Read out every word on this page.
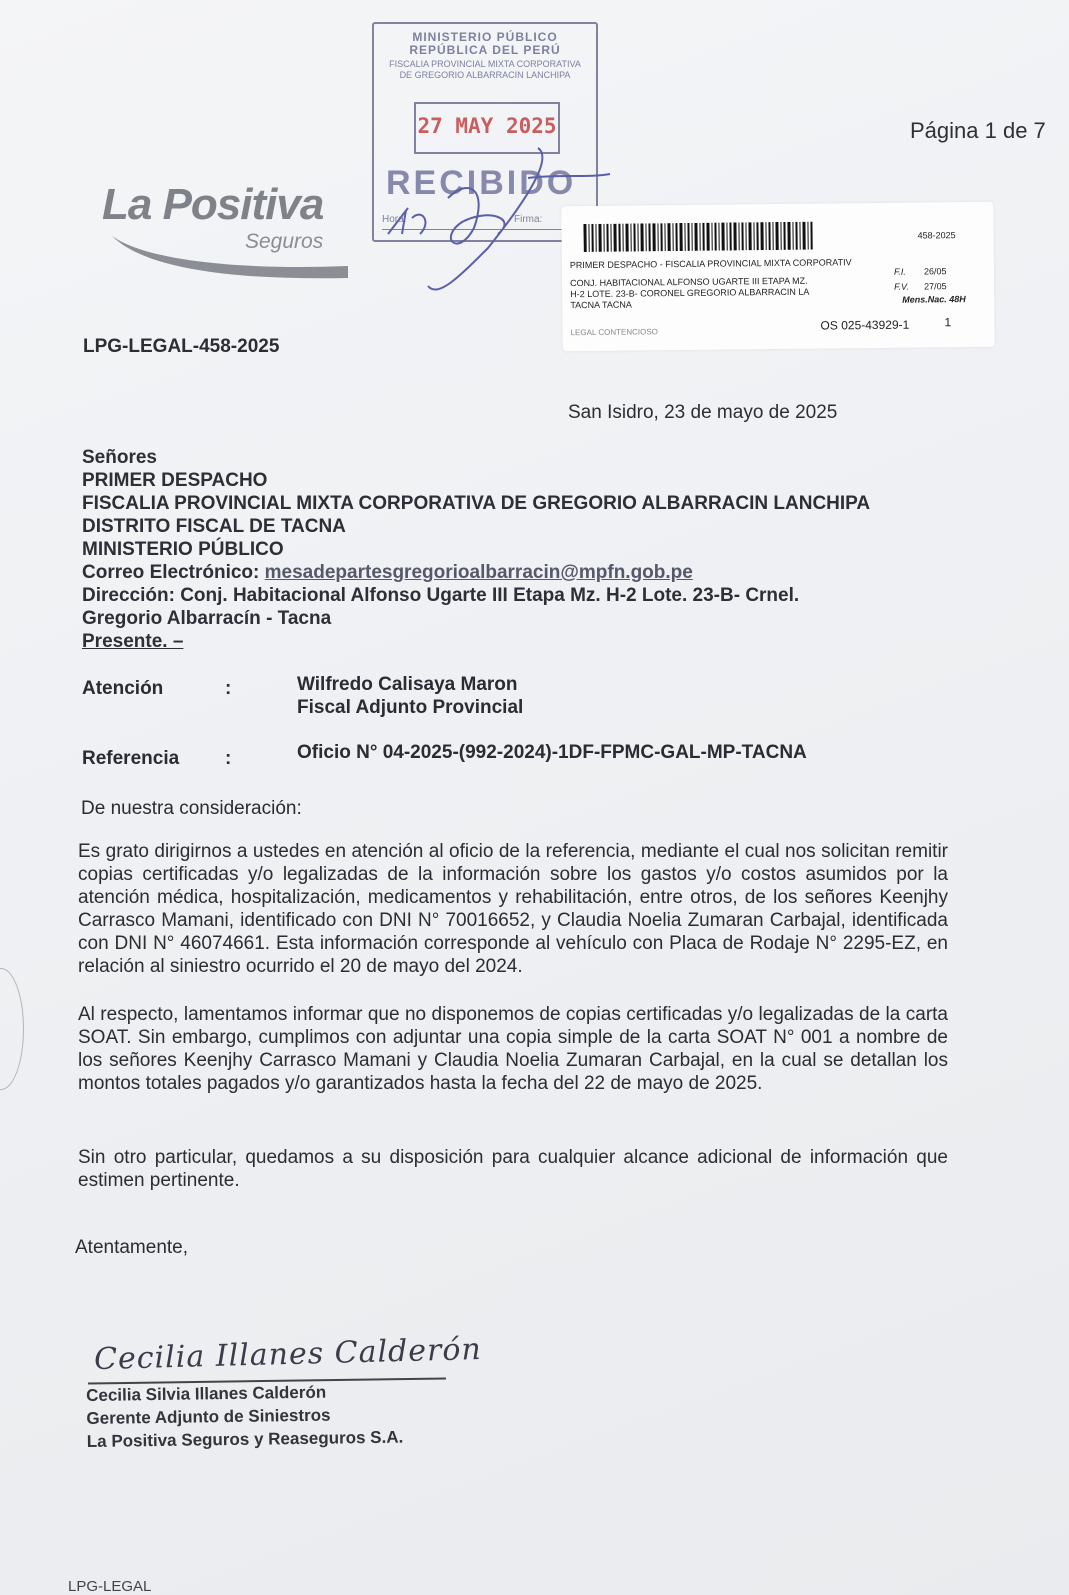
La Positiva
Seguros
MINISTERIO PÚBLICO
REPÚBLICA DEL PERÚ
FISCALIA PROVINCIAL MIXTA CORPORATIVA
DE GREGORIO ALBARRACIN LANCHIPA
27 MAY 2025
RECIBIDO
Hora:	Firma:
Página 1 de 7
458-2025
PRIMER DESPACHO - FISCALIA PROVINCIAL MIXTA CORPORATIV
CONJ. HABITACIONAL ALFONSO UGARTE III ETAPA MZ.
H-2 LOTE. 23-B- CORONEL GREGORIO ALBARRACIN LA
TACNA TACNA
F.I. 26/05
F.V. 27/05
Mens.Nac. 48H
LEGAL CONTENCIOSO	OS 025-43929-1	1
LPG-LEGAL-458-2025
San Isidro, 23 de mayo de 2025
Señores
PRIMER DESPACHO
FISCALIA PROVINCIAL MIXTA CORPORATIVA DE GREGORIO ALBARRACIN LANCHIPA
DISTRITO FISCAL DE TACNA
MINISTERIO PÚBLICO
Correo Electrónico: mesadepartesgregorioalbarracin@mpfn.gob.pe
Dirección: Conj. Habitacional Alfonso Ugarte III Etapa Mz. H-2 Lote. 23-B- Crnel.
Gregorio Albarracín - Tacna
Presente. –
Atención	:	Wilfredo Calisaya Maron
Fiscal Adjunto Provincial
Referencia :	Oficio N° 04-2025-(992-2024)-1DF-FPMC-GAL-MP-TACNA
De nuestra consideración:
Es grato dirigirnos a ustedes en atención al oficio de la referencia, mediante el cual nos solicitan remitir copias certificadas y/o legalizadas de la información sobre los gastos y/o costos asumidos por la atención médica, hospitalización, medicamentos y rehabilitación, entre otros, de los señores Keenjhy Carrasco Mamani, identificado con DNI N° 70016652, y Claudia Noelia Zumaran Carbajal, identificada con DNI N° 46074661. Esta información corresponde al vehículo con Placa de Rodaje N° 2295-EZ, en relación al siniestro ocurrido el 20 de mayo del 2024.
Al respecto, lamentamos informar que no disponemos de copias certificadas y/o legalizadas de la carta SOAT. Sin embargo, cumplimos con adjuntar una copia simple de la carta SOAT N° 001 a nombre de los señores Keenjhy Carrasco Mamani y Claudia Noelia Zumaran Carbajal, en la cual se detallan los montos totales pagados y/o garantizados hasta la fecha del 22 de mayo de 2025.
Sin otro particular, quedamos a su disposición para cualquier alcance adicional de información que estimen pertinente.
Atentamente,
Cecilia Illanes Calderón
Cecilia Silvia Illanes Calderón
Gerente Adjunto de Siniestros
La Positiva Seguros y Reaseguros S.A.
LPG-LEGAL
